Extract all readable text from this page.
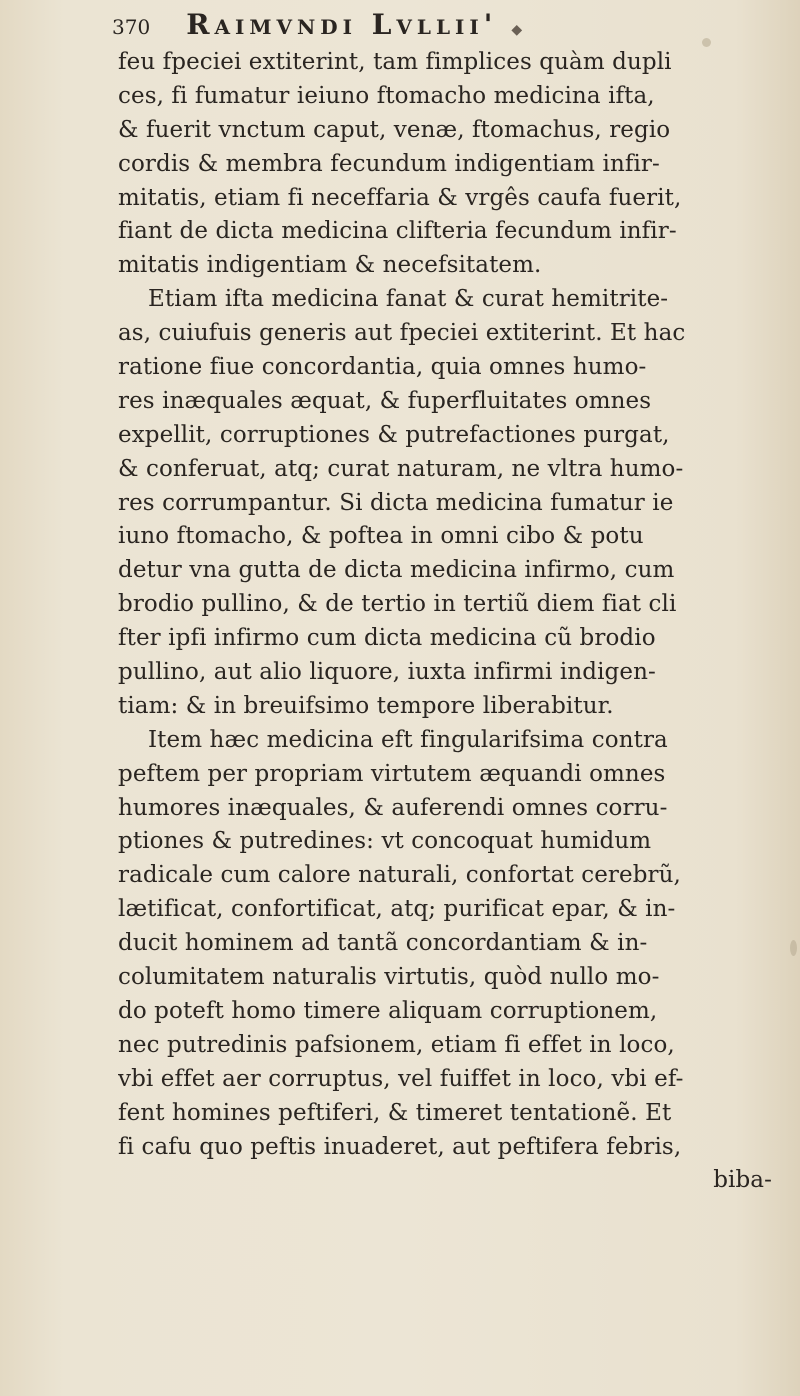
370 Raimvndi Lvllii' ◆
feu fpeciei extiterint, tam fimplices quàm dupli
ces, fi fumatur ieiuno ftomacho medicina ifta,
& fuerit vnctum caput, venæ, ftomachus, regio
cordis & membra fecundum indigentiam infir-
mitatis, etiam fi neceffaria & vrgês caufa fuerit,
fiant de dicta medicina clifteria fecundum infir-
mitatis indigentiam & necefsitatem.
Etiam ifta medicina fanat & curat hemitrite-
as, cuiufuis generis aut fpeciei extiterint. Et hac
ratione fiue concordantia, quia omnes humo-
res inæquales æquat, & fuperfluitates omnes
expellit, corruptiones & putrefactiones purgat,
& conferuat, atq; curat naturam, ne vltra humo-
res corrumpantur. Si dicta medicina fumatur ie
iuno ftomacho, & poftea in omni cibo & potu
detur vna gutta de dicta medicina infirmo, cum
brodio pullino, & de tertio in tertiũ diem fiat cli
fter ipfi infirmo cum dicta medicina cũ brodio
pullino, aut alio liquore, iuxta infirmi indigen-
tiam: & in breuifsimo tempore liberabitur.
Item hæc medicina eft fingularifsima contra
peftem per propriam virtutem æquandi omnes
humores inæquales, & auferendi omnes corru-
ptiones & putredines: vt concoquat humidum
radicale cum calore naturali, confortat cerebrũ,
lætificat, confortificat, atq; purificat epar, & in-
ducit hominem ad tantã concordantiam & in-
columitatem naturalis virtutis, quòd nullo mo-
do poteft homo timere aliquam corruptionem,
nec putredinis pafsionem, etiam fi effet in loco,
vbi effet aer corruptus, vel fuiffet in loco, vbi ef-
fent homines peftiferi, & timeret tentationẽ. Et
fi cafu quo peftis inuaderet, aut peftifera febris,
biba-
